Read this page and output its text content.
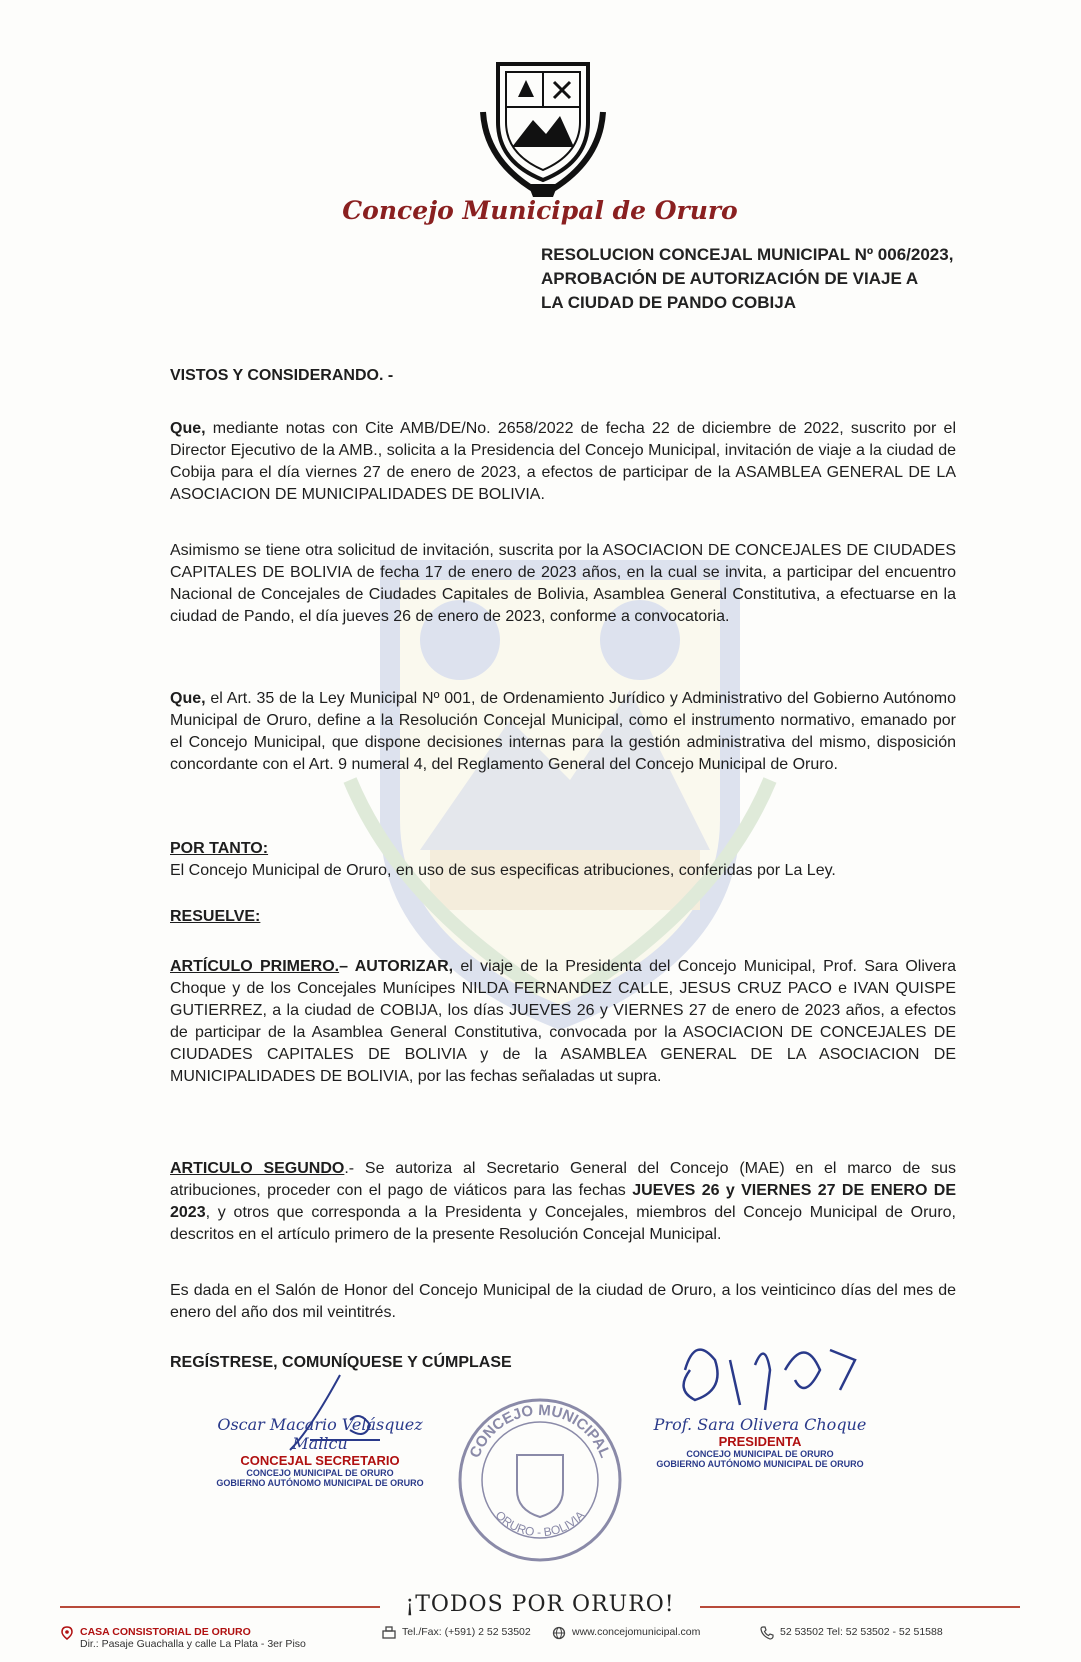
Concejo Municipal de Oruro
RESOLUCION CONCEJAL MUNICIPAL Nº 006/2023,
APROBACIÓN DE AUTORIZACIÓN DE VIAJE A
LA CIUDAD DE PANDO COBIJA
VISTOS Y CONSIDERANDO. -

Que, mediante notas con Cite AMB/DE/No. 2658/2022 de fecha 22 de diciembre de 2022, suscrito por el Director Ejecutivo de la AMB., solicita a la Presidencia del Concejo Municipal, invitación de viaje a la ciudad de Cobija para el día viernes 27 de enero de 2023, a efectos de participar de la ASAMBLEA GENERAL DE LA ASOCIACION DE MUNICIPALIDADES DE BOLIVIA.

Asimismo se tiene otra solicitud de invitación, suscrita por la ASOCIACION DE CONCEJALES DE CIUDADES CAPITALES DE BOLIVIA de fecha 17 de enero de 2023 años, en la cual se invita, a participar del encuentro Nacional de Concejales de Ciudades Capitales de Bolivia, Asamblea General Constitutiva, a efectuarse en la ciudad de Pando, el día jueves 26 de enero de 2023, conforme a convocatoria.

Que, el Art. 35 de la Ley Municipal Nº 001, de Ordenamiento Jurídico y Administrativo del Gobierno Autónomo Municipal de Oruro, define a la Resolución Concejal Municipal, como el instrumento normativo, emanado por el Concejo Municipal, que dispone decisiones internas para la gestión administrativa del mismo, disposición concordante con el Art. 9 numeral 4, del Reglamento General del Concejo Municipal de Oruro.

POR TANTO:

El Concejo Municipal de Oruro, en uso de sus especificas atribuciones, conferidas por La Ley.

RESUELVE:

ARTÍCULO PRIMERO.– AUTORIZAR, el viaje de la Presidenta del Concejo Municipal, Prof. Sara Olivera Choque y de los Concejales Munícipes NILDA FERNANDEZ CALLE, JESUS CRUZ PACO e IVAN QUISPE GUTIERREZ, a la ciudad de COBIJA, los días JUEVES 26 y VIERNES 27 de enero de 2023 años, a efectos de participar de la Asamblea General Constitutiva, convocada por la ASOCIACION DE CONCEJALES DE CIUDADES CAPITALES DE BOLIVIA y de la ASAMBLEA GENERAL DE LA ASOCIACION DE MUNICIPALIDADES DE BOLIVIA, por las fechas señaladas ut supra.

ARTICULO SEGUNDO.- Se autoriza al Secretario General del Concejo (MAE) en el marco de sus atribuciones, proceder con el pago de viáticos para las fechas JUEVES 26 y VIERNES 27 DE ENERO DE 2023, y otros que corresponda a la Presidenta y Concejales, miembros del Concejo Municipal de Oruro, descritos en el artículo primero de la presente Resolución Concejal Municipal.

Es dada en el Salón de Honor del Concejo Municipal de la ciudad de Oruro, a los veinticinco días del mes de enero del año dos mil veintitrés.

REGÍSTRESE, COMUNÍQUESE Y CÚMPLASE
Oscar Macario Velásquez Mallcu
CONCEJAL SECRETARIO
CONCEJO MUNICIPAL DE ORURO
GOBIERNO AUTÓNOMO MUNICIPAL DE ORURO
CONCEJO MUNICIPAL
ORURO - BOLIVIA
Prof. Sara Olivera Choque
PRESIDENTA
CONCEJO MUNICIPAL DE ORURO
GOBIERNO AUTÓNOMO MUNICIPAL DE ORURO
¡TODOS POR ORURO!
CASA CONSISTORIAL DE ORURO
Dir.: Pasaje Guachalla y calle La Plata - 3er Piso
Tel./Fax: (+591) 2 52 53502	www.concejomunicipal.com	52 53502 Tel: 52 53502 - 52 51588
